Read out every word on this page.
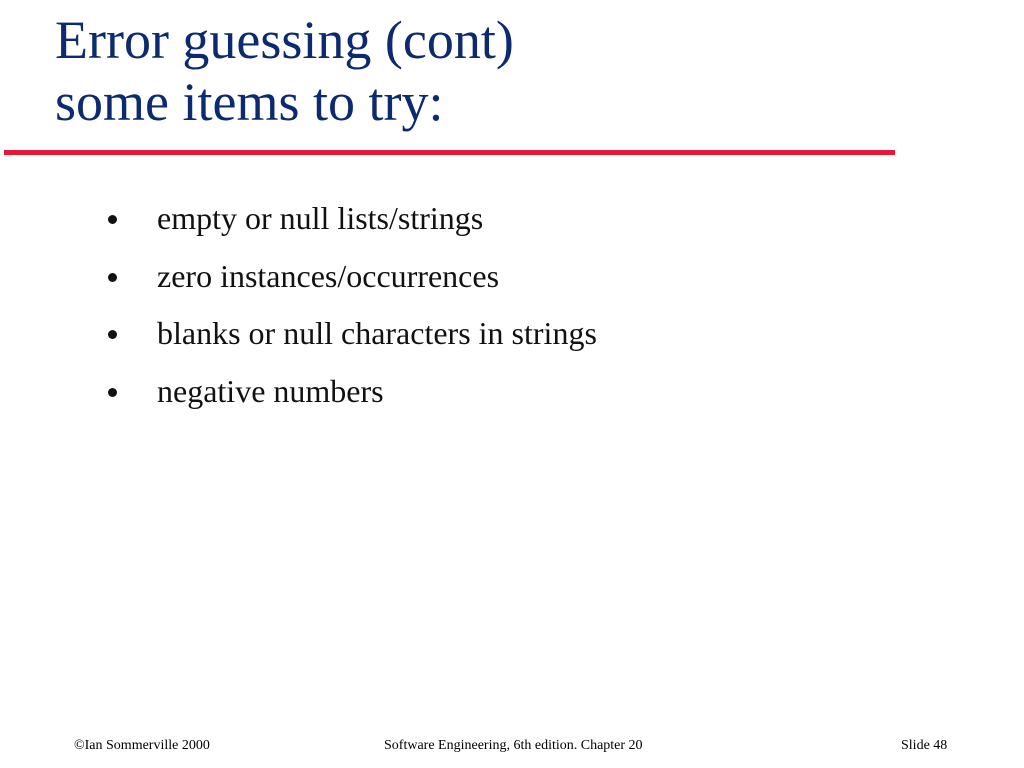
Error guessing (cont)
some items to try:
empty or null lists/strings
zero instances/occurrences
blanks or null characters in strings
negative numbers
©Ian Sommerville 2000	Software Engineering, 6th edition. Chapter 20	Slide 48
